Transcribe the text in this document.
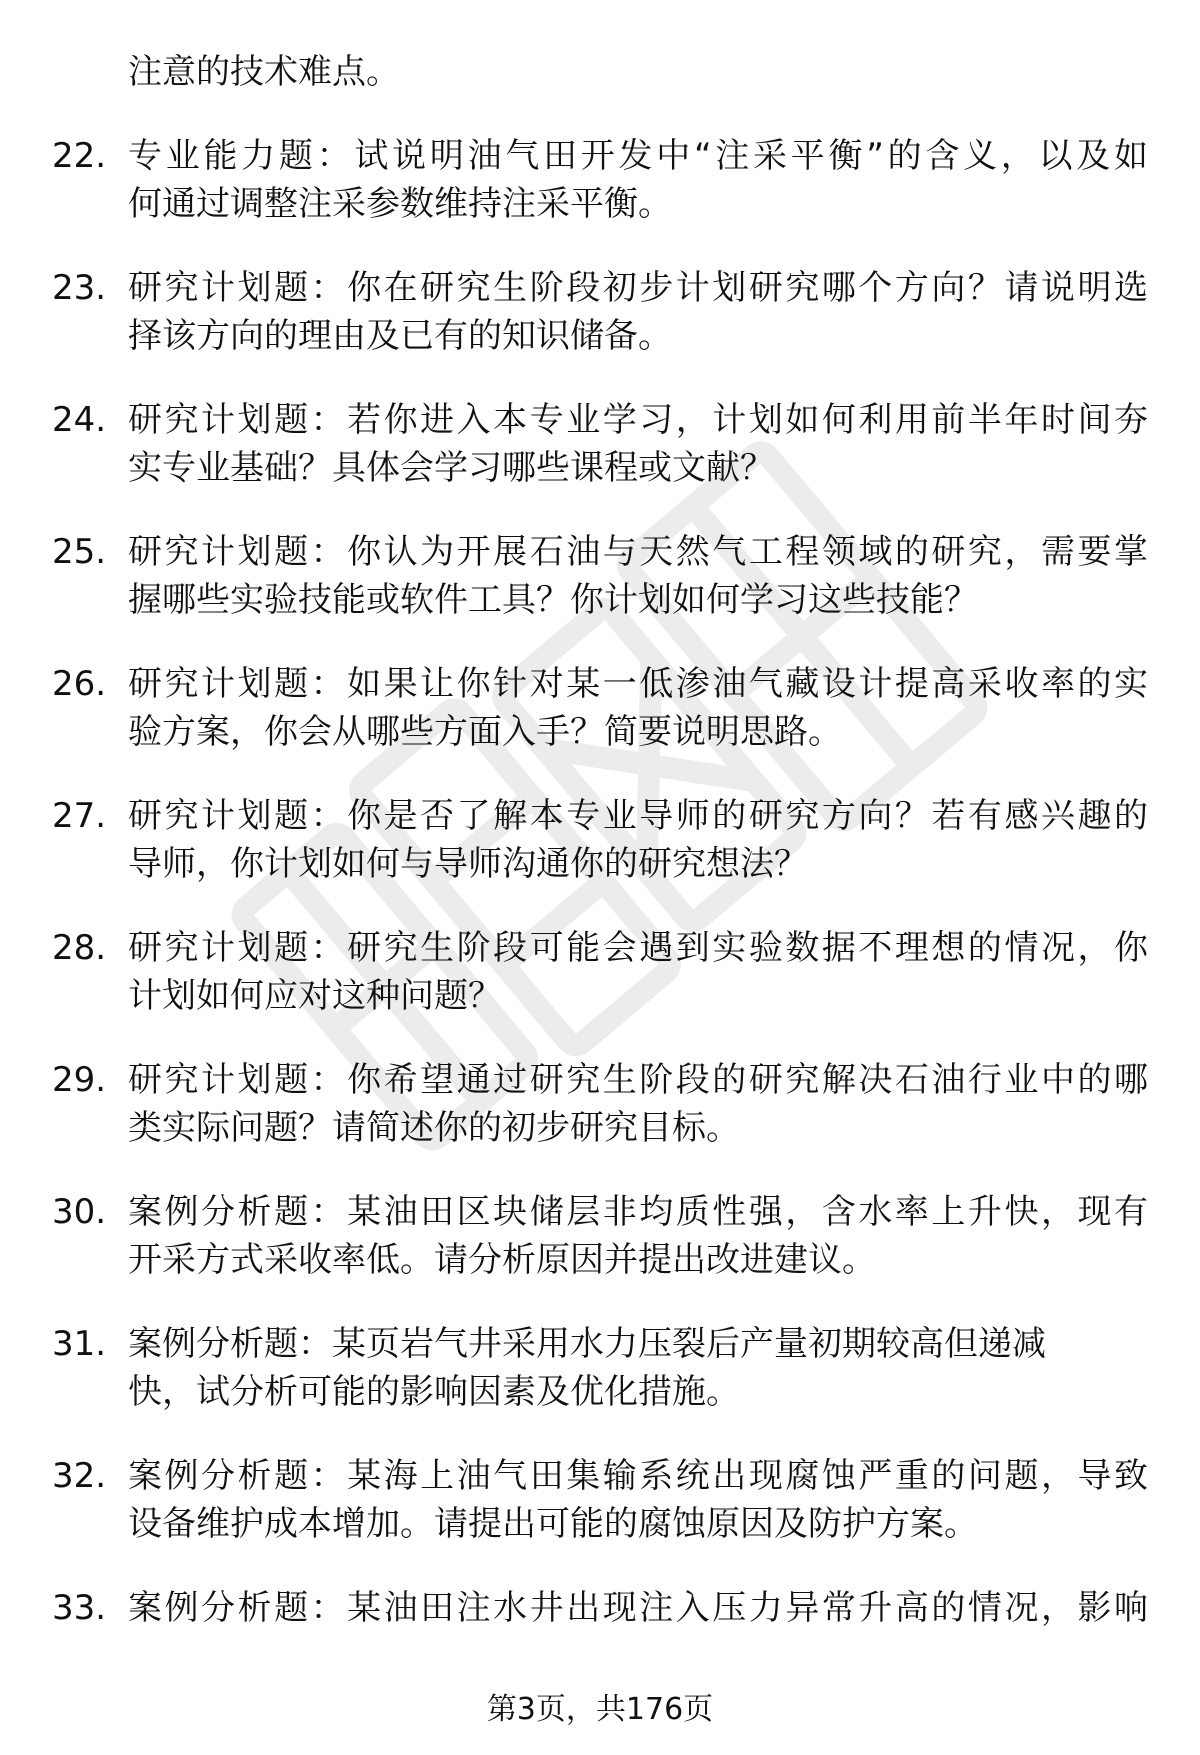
注意的技术难点。
22. 专业能力题：试说明油气田开发中“注采平衡”的含义，以及如
何通过调整注采参数维持注采平衡。
23. 研究计划题：你在研究生阶段初步计划研究哪个方向？请说明选
择该方向的理由及已有的知识储备。
24. 研究计划题：若你进入本专业学习，计划如何利用前半年时间夯
实专业基础？具体会学习哪些课程或文献？
25. 研究计划题：你认为开展石油与天然气工程领域的研究，需要掌
握哪些实验技能或软件工具？你计划如何学习这些技能？
26. 研究计划题：如果让你针对某一低渗油气藏设计提高采收率的实
验方案，你会从哪些方面入手？简要说明思路。
27. 研究计划题：你是否了解本专业导师的研究方向？若有感兴趣的
导师，你计划如何与导师沟通你的研究想法？
28. 研究计划题：研究生阶段可能会遇到实验数据不理想的情况，你
计划如何应对这种问题？
29. 研究计划题：你希望通过研究生阶段的研究解决石油行业中的哪
类实际问题？请简述你的初步研究目标。
30. 案例分析题：某油田区块储层非均质性强，含水率上升快，现有
开采方式采收率低。请分析原因并提出改进建议。
31. 案例分析题：某页岩气井采用水力压裂后产量初期较高但递减
快，试分析可能的影响因素及优化措施。
32. 案例分析题：某海上油气田集输系统出现腐蚀严重的问题，导致
设备维护成本增加。请提出可能的腐蚀原因及防护方案。
33. 案例分析题：某油田注水井出现注入压力异常升高的情况，影响
第3页，共176页
